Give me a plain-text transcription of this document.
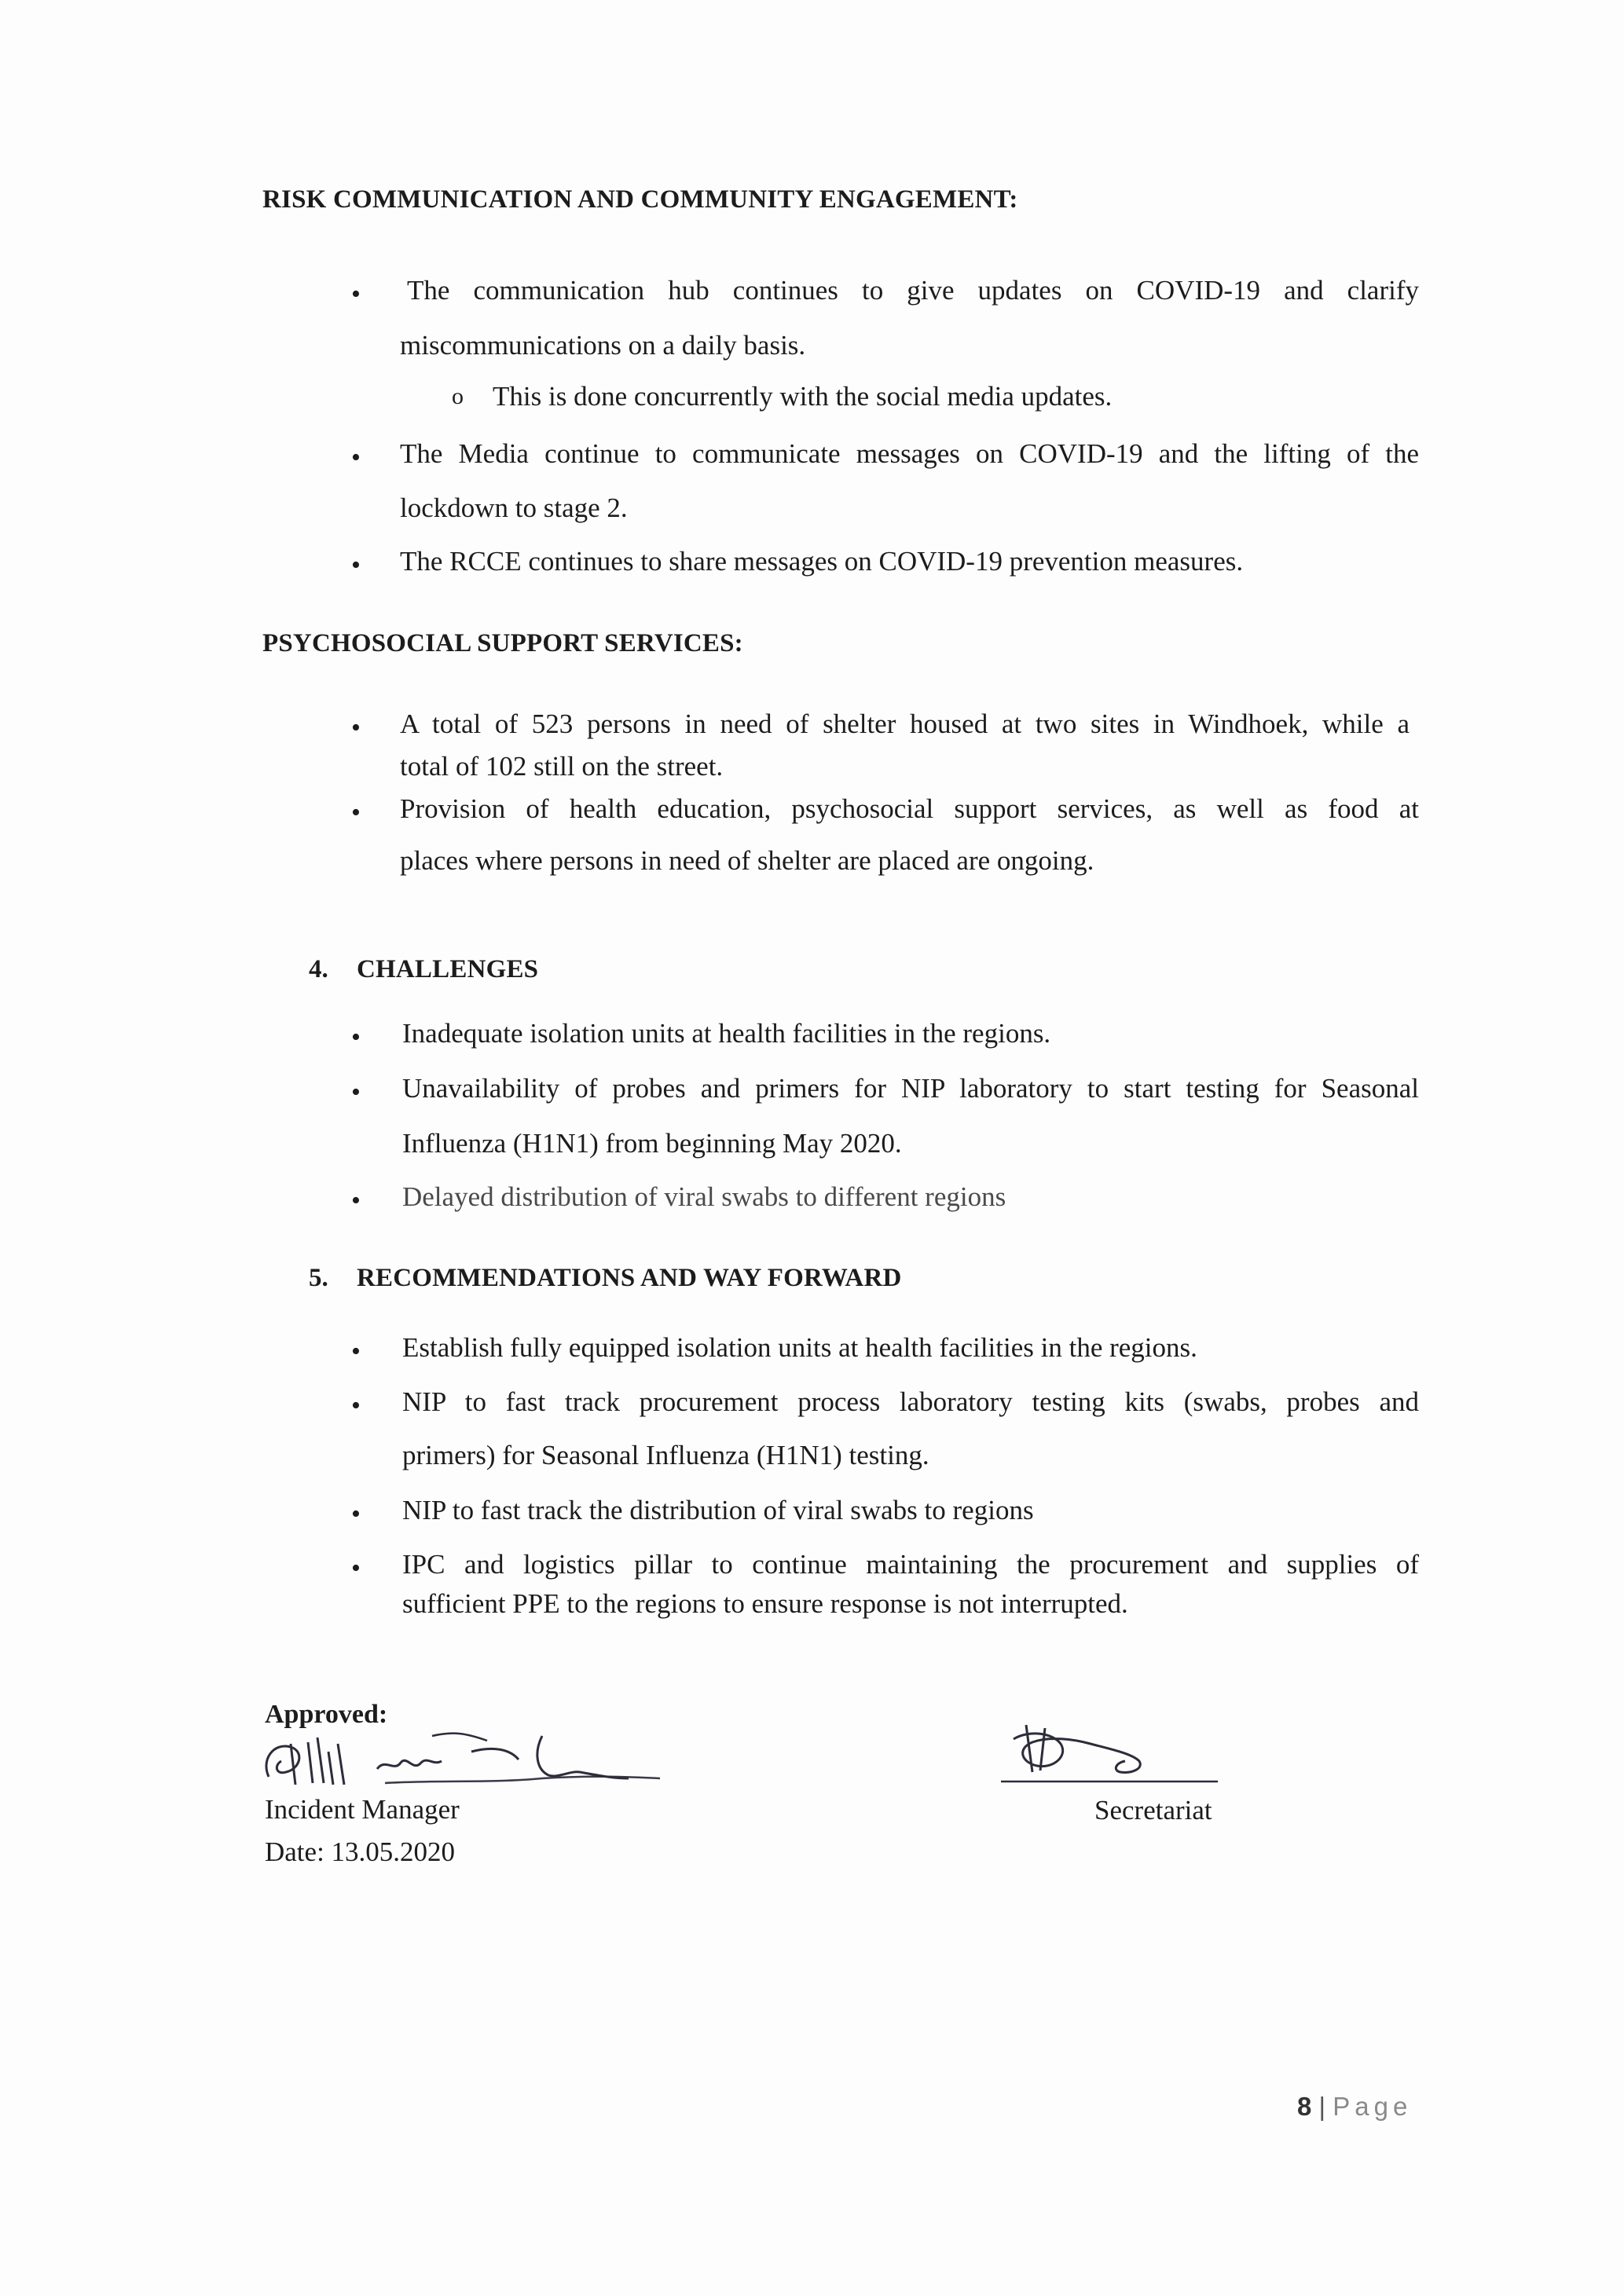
RISK COMMUNICATION AND COMMUNITY ENGAGEMENT:
• The communication hub continues to give updates on COVID-19 and clarify
miscommunications on a daily basis.
o This is done concurrently with the social media updates.
• The Media continue to communicate messages on COVID-19 and the lifting of the
lockdown to stage 2.
• The RCCE continues to share messages on COVID-19 prevention measures.
PSYCHOSOCIAL SUPPORT SERVICES:
• A total of 523 persons in need of shelter housed at two sites in Windhoek, while a
total of 102 still on the street.
• Provision of health education, psychosocial support services, as well as food at
places where persons in need of shelter are placed are ongoing.
4. CHALLENGES
• Inadequate isolation units at health facilities in the regions.
• Unavailability of probes and primers for NIP laboratory to start testing for Seasonal
Influenza (H1N1) from beginning May 2020.
• Delayed distribution of viral swabs to different regions
5. RECOMMENDATIONS AND WAY FORWARD
• Establish fully equipped isolation units at health facilities in the regions.
• NIP to fast track procurement process laboratory testing kits (swabs, probes and
primers) for Seasonal Influenza (H1N1) testing.
• NIP to fast track the distribution of viral swabs to regions
• IPC and logistics pillar to continue maintaining the procurement and supplies of
sufficient PPE to the regions to ensure response is not interrupted.
Approved:
Incident Manager
Date: 13.05.2020
Secretariat
8 | Page
